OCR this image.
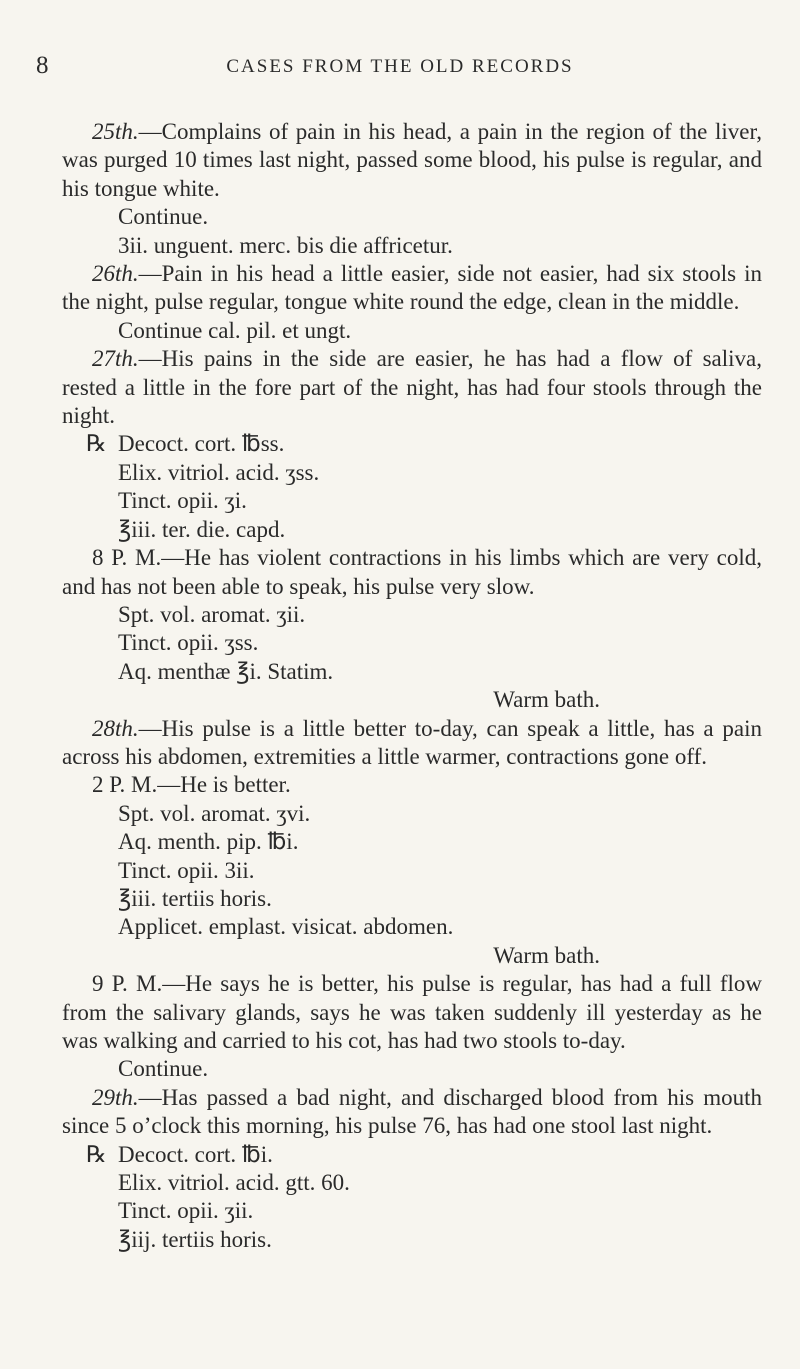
8	CASES FROM THE OLD RECORDS

25th.—Complains of pain in his head, a pain in the region of the liver, was purged 10 times last night, passed some blood, his pulse is regular, and his tongue white.

Continue.

3ii. unguent. merc. bis die affricetur.

26th.—Pain in his head a little easier, side not easier, had six stools in the night, pulse regular, tongue white round the edge, clean in the middle.

Continue cal. pil. et ungt.

27th.—His pains in the side are easier, he has had a flow of saliva, rested a little in the fore part of the night, has had four stools through the night.

℞ Decoct. cort. ℔ss.

Elix. vitriol. acid. ʒss.

Tinct. opii. ʒi.

℥iii. ter. die. capd.

8 P. M.—He has violent contractions in his limbs which are very cold, and has not been able to speak, his pulse very slow.

Spt. vol. aromat. ʒii.

Tinct. opii. ʒss.

Aq. menthæ ℥i. Statim.

Warm bath.

28th.—His pulse is a little better to-day, can speak a little, has a pain across his abdomen, extremities a little warmer, contractions gone off.

2 P. M.—He is better.

Spt. vol. aromat. ʒvi.

Aq. menth. pip. ℔i.

Tinct. opii. 3ii.

℥iii. tertiis horis.

Applicet. emplast. visicat. abdomen.

Warm bath.

9 P. M.—He says he is better, his pulse is regular, has had a full flow from the salivary glands, says he was taken suddenly ill yesterday as he was walking and carried to his cot, has had two stools to-day.

Continue.

29th.—Has passed a bad night, and discharged blood from his mouth since 5 o’clock this morning, his pulse 76, has had one stool last night.

℞ Decoct. cort. ℔i.

Elix. vitriol. acid. gtt. 60.

Tinct. opii. ʒii.

℥iij. tertiis horis.
